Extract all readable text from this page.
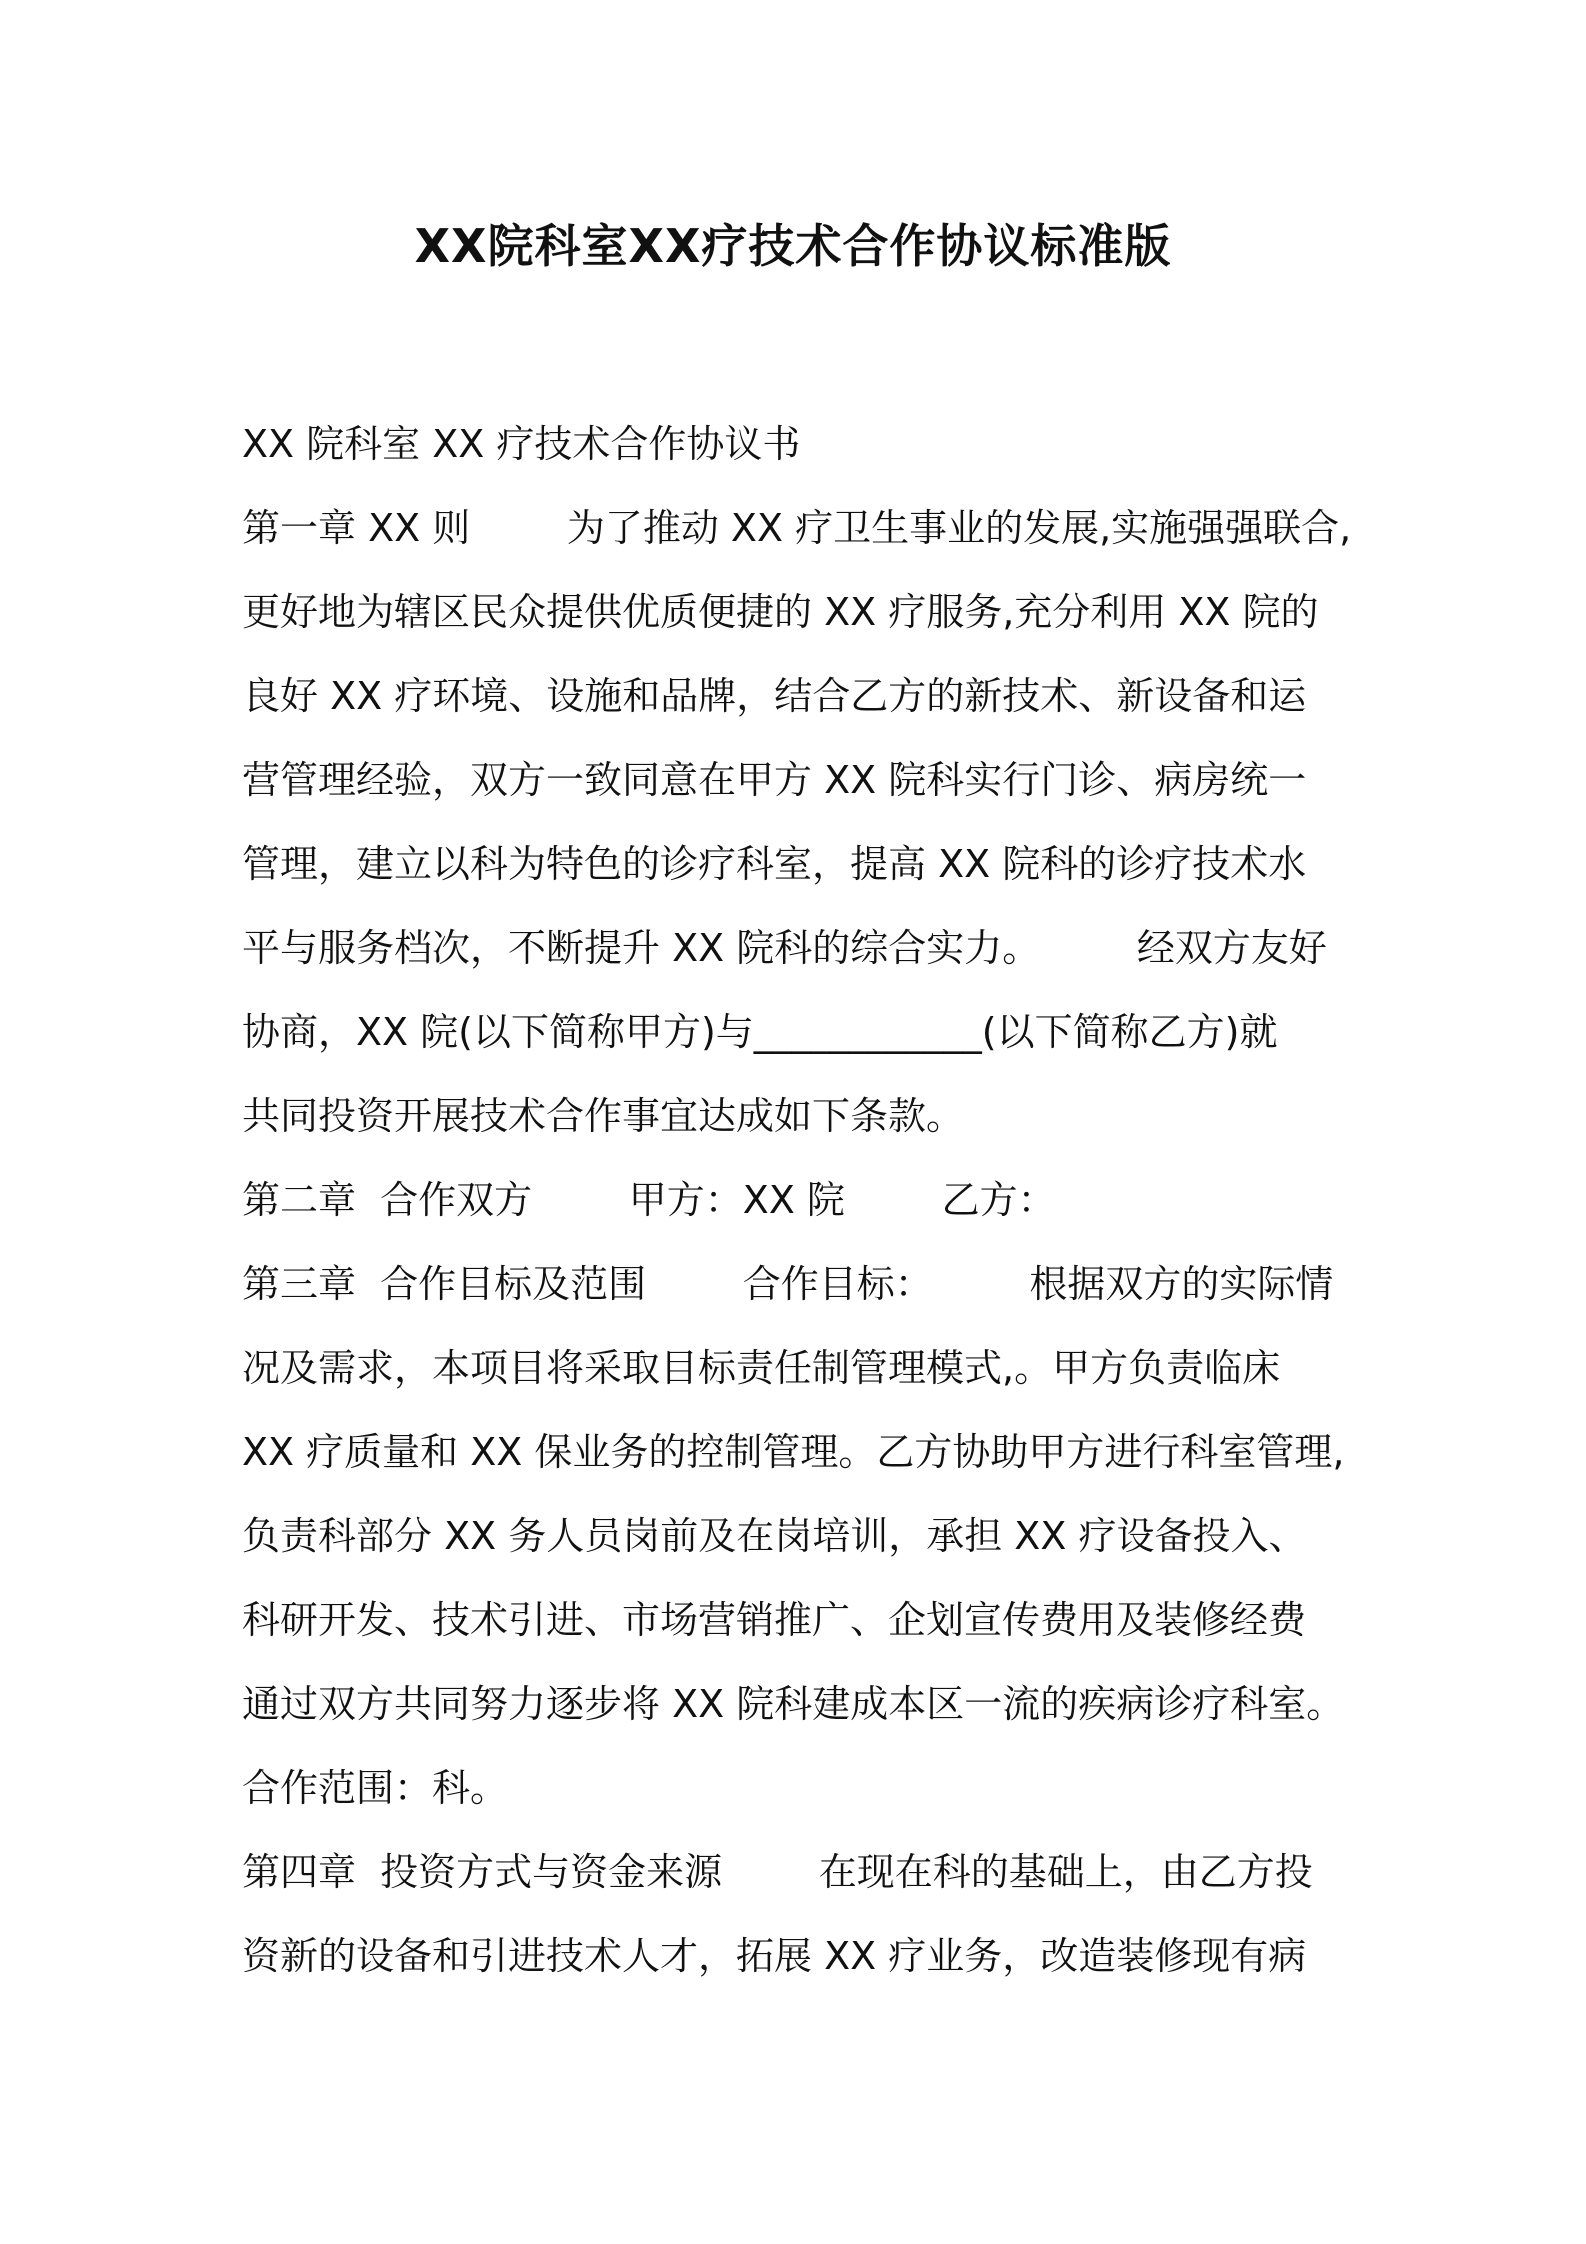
XX院科室XX疗技术合作协议标准版
XX 院科室 XX 疗技术合作协议书
第一章 XX 则        为了推动 XX 疗卫生事业的发展,实施强强联合,
更好地为辖区民众提供优质便捷的 XX 疗服务,充分利用 XX 院的
良好 XX 疗环境、设施和品牌，结合乙方的新技术、新设备和运
营管理经验，双方一致同意在甲方 XX 院科实行门诊、病房统一
管理，建立以科为特色的诊疗科室，提高 XX 院科的诊疗技术水
平与服务档次，不断提升 XX 院科的综合实力。        经双方友好
协商，XX 院(以下简称甲方)与____________(以下简称乙方)就
共同投资开展技术合作事宜达成如下条款。
第二章  合作双方        甲方：XX 院        乙方：
第三章  合作目标及范围        合作目标：        根据双方的实际情
况及需求，本项目将采取目标责任制管理模式,。甲方负责临床
XX 疗质量和 XX 保业务的控制管理。乙方协助甲方进行科室管理,
负责科部分 XX 务人员岗前及在岗培训，承担 XX 疗设备投入、
科研开发、技术引进、市场营销推广、企划宣传费用及装修经费
通过双方共同努力逐步将 XX 院科建成本区一流的疾病诊疗科室。
合作范围：科。
第四章  投资方式与资金来源        在现在科的基础上，由乙方投
资新的设备和引进技术人才，拓展 XX 疗业务，改造装修现有病
